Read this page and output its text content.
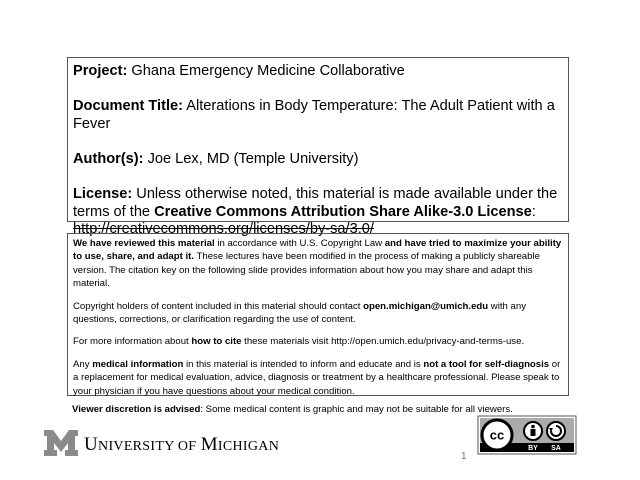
Project: Ghana Emergency Medicine Collaborative

Document Title: Alterations in Body Temperature: The Adult Patient with a Fever

Author(s): Joe Lex, MD (Temple University)

License: Unless otherwise noted, this material is made available under the terms of the Creative Commons Attribution Share Alike-3.0 License: http://creativecommons.org/licenses/by-sa/3.0/

We have reviewed this material in accordance with U.S. Copyright Law and have tried to maximize your ability to use, share, and adapt it. These lectures have been modified in the process of making a publicly shareable version. The citation key on the following slide provides information about how you may share and adapt this material.

Copyright holders of content included in this material should contact open.michigan@umich.edu with any questions, corrections, or clarification regarding the use of content.

For more information about how to cite these materials visit http://open.umich.edu/privacy-and-terms-use.

Any medical information in this material is intended to inform and educate and is not a tool for self-diagnosis or a replacement for medical evaluation, advice, diagnosis or treatment by a healthcare professional. Please speak to your physician if you have questions about your medical condition.

Viewer discretion is advised: Some medical content is graphic and may not be suitable for all viewers.
UNIVERSITY OF MICHIGAN
cc
BY SA
1
